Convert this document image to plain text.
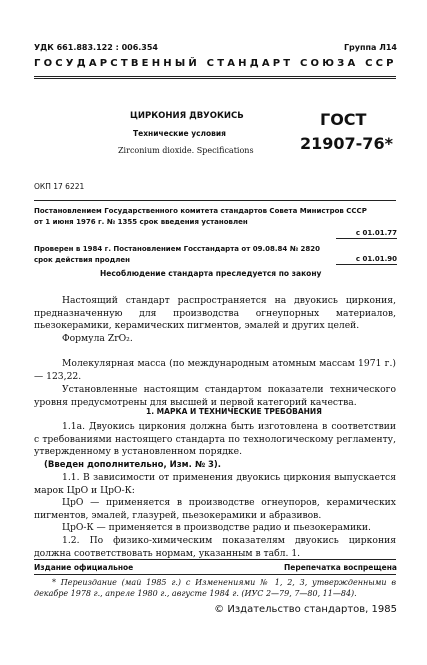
УДК 661.883.122 : 006.354	Группа Л14
ГОСУДАРСТВЕННЫЙ СТАНДАРТ СОЮЗА ССР
ЦИРКОНИЯ ДВУОКИСЬ
Технические условия
Zirconium dioxide. Specifications
ГОСТ
21907-76*
ОКП 17 6221
Постановлением Государственного комитета стандартов Совета Министров СССР
от 1 июня 1976 г. № 1355 срок введения установлен
с 01.01.77
Проверен в 1984 г. Постановлением Госстандарта от 09.08.84 № 2820
срок действия продлен	с 01.01.90
Несоблюдение стандарта преследуется по закону
Настоящий стандарт распространяется на двуокись циркония, предназначенную для производства огнеупорных материалов, пьезокерамики, керамических пигментов, эмалей и других целей.
Формула ZrO₂.
Молекулярная масса (по международным атомным массам 1971 г.) — 123,22.
Установленные настоящим стандартом показатели технического уровня предусмотрены для высшей и первой категорий качества.
1. МАРКА И ТЕХНИЧЕСКИЕ ТРЕБОВАНИЯ
1.1а. Двуокись циркония должна быть изготовлена в соответствии с требованиями настоящего стандарта по технологическому регламенту, утвержденному в установленном порядке.
(Введен дополнительно, Изм. № 3).
1.1. В зависимости от применения двуокись циркония выпускается марок ЦрО и ЦрО-К:
ЦрО — применяется в производстве огнеупоров, керамических пигментов, эмалей, глазурей, пьезокерамики и абразивов.
ЦрО-К — применяется в производстве радио и пьезокерамики.
1.2. По физико-химическим показателям двуокись циркония должна соответствовать нормам, указанным в табл. 1.
Издание официальное	Перепечатка воспрещена
* Переиздание (май 1985 г.) с Изменениями № 1, 2, 3, утвержденными в декабре 1978 г., апреле 1980 г., августе 1984 г. (ИУС 2—79, 7—80, 11—84).
© Издательство стандартов, 1985
